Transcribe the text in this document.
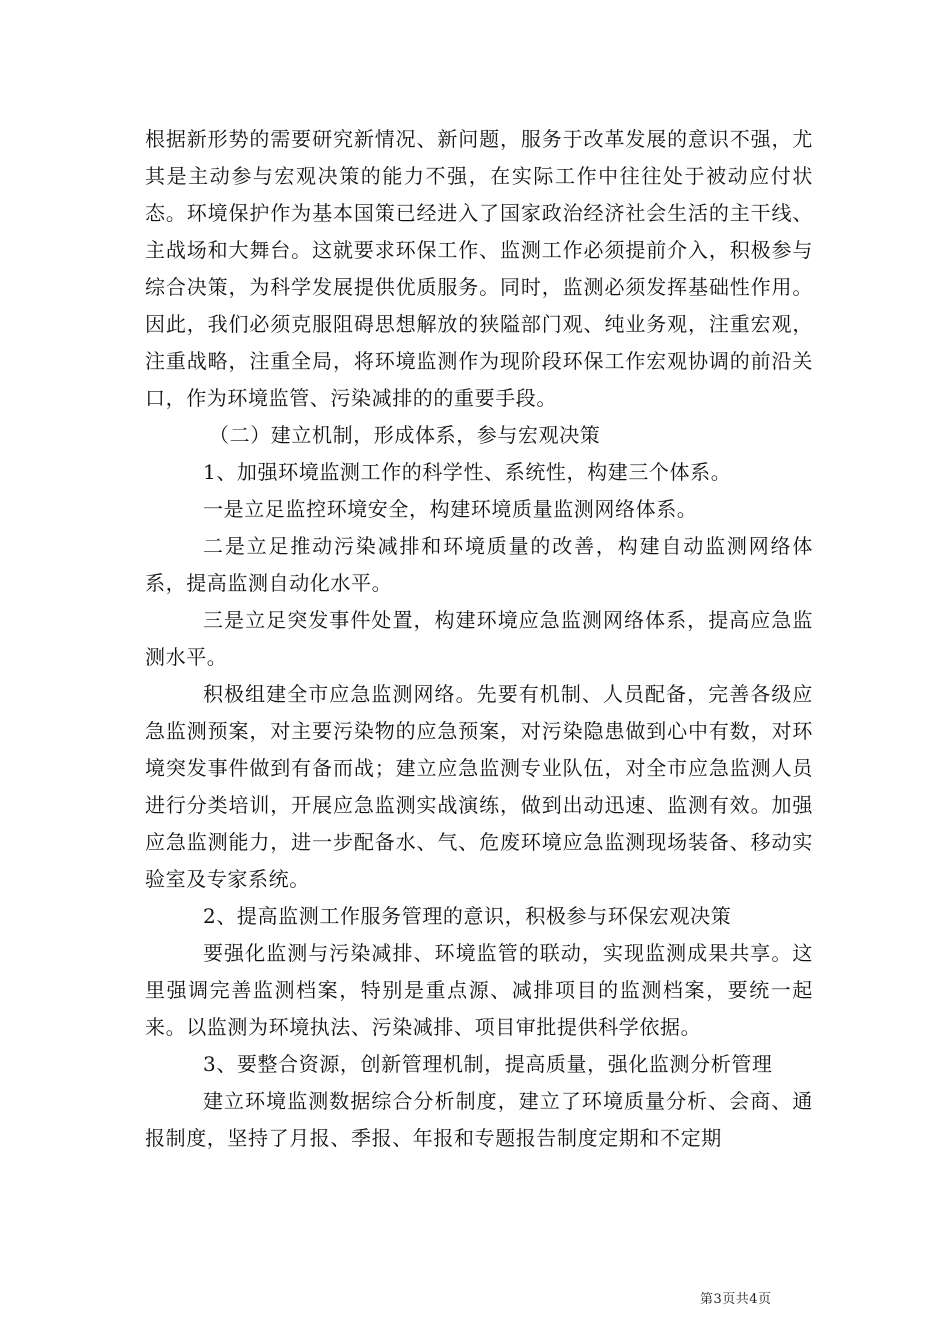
根据新形势的需要研究新情况、新问题，服务于改革发展的意识不强，尤其是主动参与宏观决策的能力不强，在实际工作中往往处于被动应付状态。环境保护作为基本国策已经进入了国家政治经济社会生活的主干线、主战场和大舞台。这就要求环保工作、监测工作必须提前介入，积极参与综合决策，为科学发展提供优质服务。同时，监测必须发挥基础性作用。因此，我们必须克服阻碍思想解放的狭隘部门观、纯业务观，注重宏观，注重战略，注重全局，将环境监测作为现阶段环保工作宏观协调的前沿关口，作为环境监管、污染减排的的重要手段。

（二）建立机制，形成体系，参与宏观决策

1、加强环境监测工作的科学性、系统性，构建三个体系。

一是立足监控环境安全，构建环境质量监测网络体系。

二是立足推动污染减排和环境质量的改善，构建自动监测网络体系，提高监测自动化水平。

三是立足突发事件处置，构建环境应急监测网络体系，提高应急监测水平。

积极组建全市应急监测网络。先要有机制、人员配备，完善各级应急监测预案，对主要污染物的应急预案，对污染隐患做到心中有数，对环境突发事件做到有备而战；建立应急监测专业队伍，对全市应急监测人员进行分类培训，开展应急监测实战演练，做到出动迅速、监测有效。加强应急监测能力，进一步配备水、气、危废环境应急监测现场装备、移动实验室及专家系统。

2、提高监测工作服务管理的意识，积极参与环保宏观决策

要强化监测与污染减排、环境监管的联动，实现监测成果共享。这里强调完善监测档案，特别是重点源、减排项目的监测档案，要统一起来。以监测为环境执法、污染减排、项目审批提供科学依据。

3、要整合资源，创新管理机制，提高质量，强化监测分析管理

建立环境监测数据综合分析制度，建立了环境质量分析、会商、通报制度，坚持了月报、季报、年报和专题报告制度定期和不定期

第3页共4页
